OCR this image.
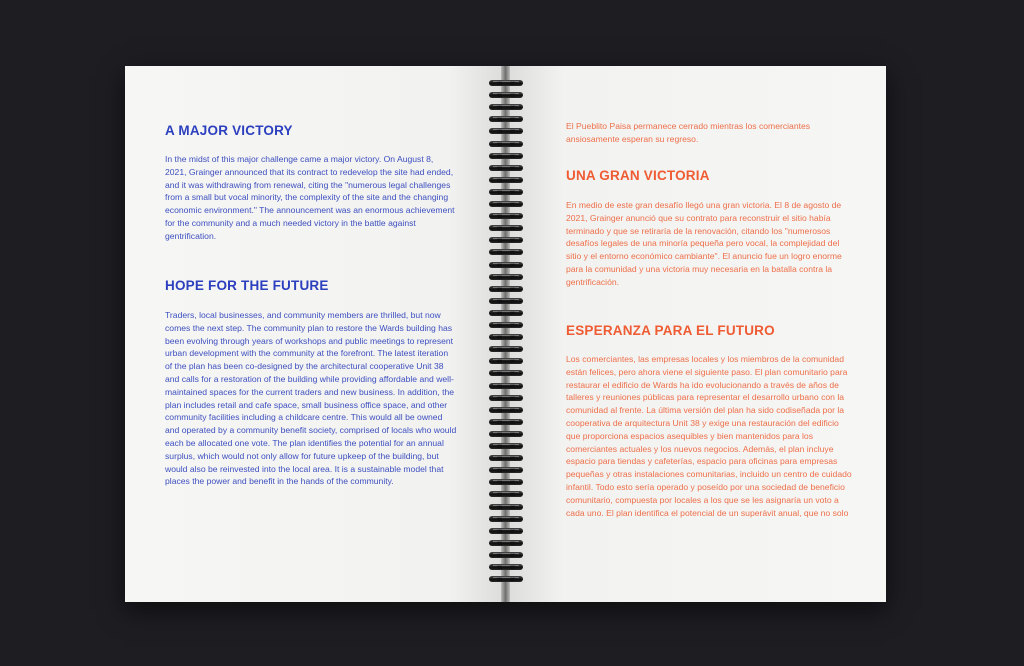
A MAJOR VICTORY

In the midst of this major challenge came a major victory. On August 8, 2021, Grainger announced that its contract to redevelop the site had ended, and it was withdrawing from renewal, citing the "numerous legal challenges from a small but vocal minority, the complexity of the site and the changing economic environment." The announcement was an enormous achievement for the community and a much needed victory in the battle against gentrification.

HOPE FOR THE FUTURE

Traders, local businesses, and community members are thrilled, but now comes the next step. The community plan to restore the Wards building has been evolving through years of workshops and public meetings to represent urban development with the community at the forefront. The latest iteration of the plan has been co-designed by the architectural cooperative Unit 38 and calls for a restoration of the building while providing affordable and well-maintained spaces for the current traders and new business. In addition, the plan includes retail and cafe space, small business office space, and other community facilities including a childcare centre. This would all be owned and operated by a community benefit society, comprised of locals who would each be allocated one vote. The plan identifies the potential for an annual surplus, which would not only allow for future upkeep of the building, but would also be reinvested into the local area. It is a sustainable model that places the power and benefit in the hands of the community.

El Pueblito Paisa permanece cerrado mientras los comerciantes ansiosamente esperan su regreso.

UNA GRAN VICTORIA

En medio de este gran desafío llegó una gran victoria. El 8 de agosto de 2021, Grainger anunció que su contrato para reconstruir el sitio había terminado y que se retiraría de la renovación, citando los "numerosos desafíos legales de una minoría pequeña pero vocal, la complejidad del sitio y el entorno económico cambiante". El anuncio fue un logro enorme para la comunidad y una victoria muy necesaria en la batalla contra la gentrificación.

ESPERANZA PARA EL FUTURO

Los comerciantes, las empresas locales y los miembros de la comunidad están felices, pero ahora viene el siguiente paso. El plan comunitario para restaurar el edificio de Wards ha ido evolucionando a través de años de talleres y reuniones públicas para representar el desarrollo urbano con la comunidad al frente. La última versión del plan ha sido codiseñada por la cooperativa de arquitectura Unit 38 y exige una restauración del edificio que proporciona espacios asequibles y bien mantenidos para los comerciantes actuales y los nuevos negocios. Además, el plan incluye espacio para tiendas y cafeterías, espacio para oficinas para empresas pequeñas y otras instalaciones comunitarias, incluido un centro de cuidado infantil. Todo esto sería operado y poseído por una sociedad de beneficio comunitario, compuesta por locales a los que se les asignaría un voto a cada uno. El plan identifica el potencial de un superávit anual, que no solo
